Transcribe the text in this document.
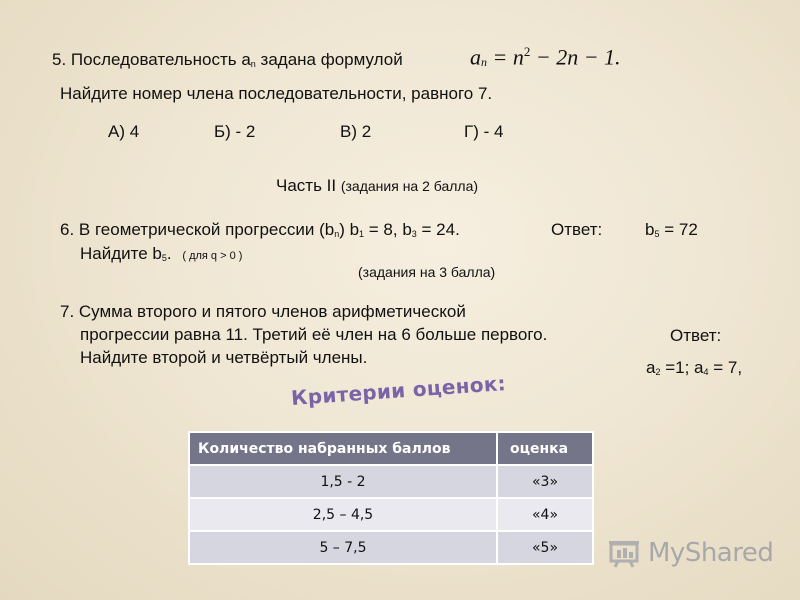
5. Последовательность an задана формулой	an = $n^2 - 2n - 1$.
Найдите номер члена последовательности, равного 7.
А) 4	Б) - 2	В) 2	Г) - 4
Часть II (задания на 2 балла)
6. В геометрической прогрессии (bn) b1 = 8, b3 = 24.	Ответ:	b5 = 72
Найдите b5. ( для q > 0 )
(задания на 3 балла)
7. Сумма второго и пятого членов арифметической
прогрессии равна 11. Третий её член на 6 больше первого.
Найдите второй и четвёртый члены.
Ответ:
a2 =1; a4 = 7,
Критерии оценок:
Количество набранных баллов	оценка
1,5 - 2	«3»
2,5 – 4,5	«4»
5 – 7,5	«5»	MyShared
